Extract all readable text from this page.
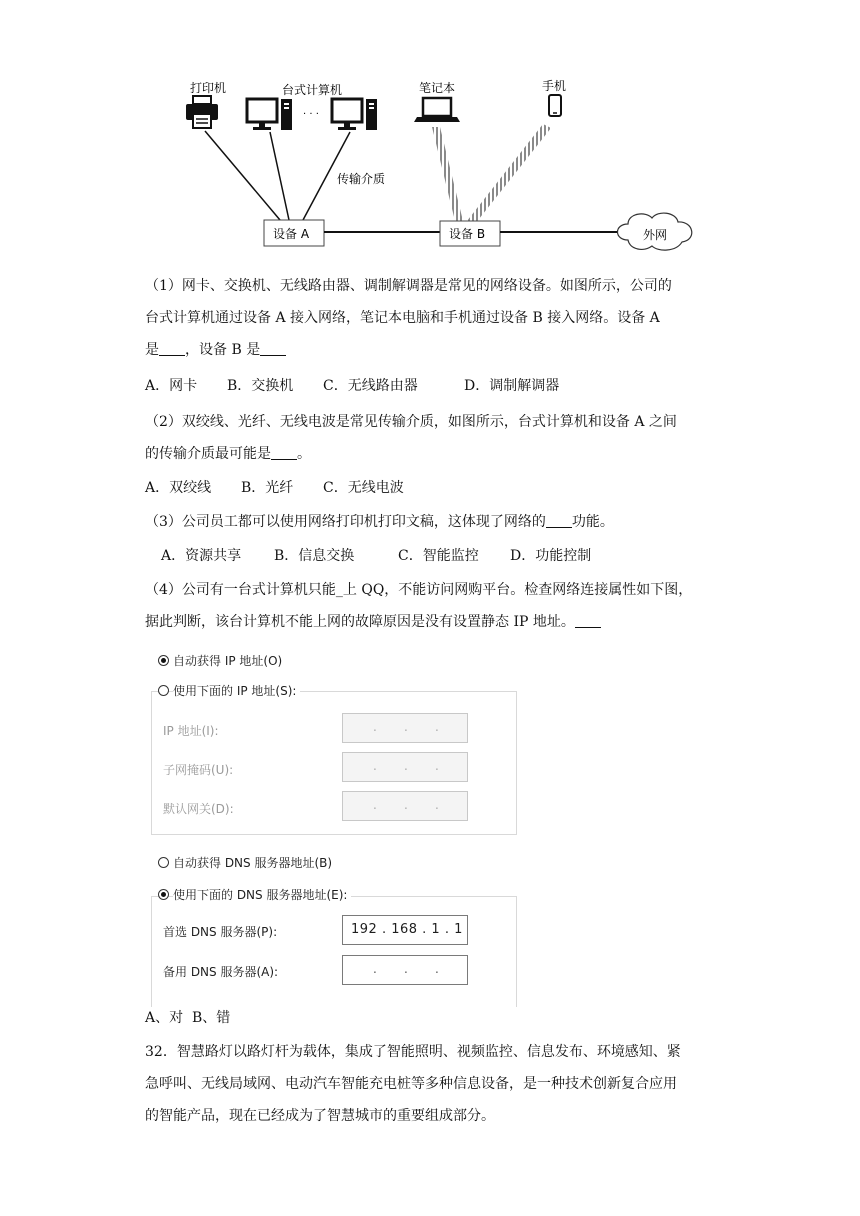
打印机	台式计算机	笔记本	手机
· · ·
传输介质
设备 A	设备 B	外网
（1）网卡、交换机、无线路由器、调制解调器是常见的网络设备。如图所示，公司的
台式计算机通过设备 A 接入网络，笔记本电脑和手机通过设备 B 接入网络。设备 A
是 ，设备 B 是
A．网卡 B．交换机 C．无线路由器	D．调制解调器
（2）双绞线、光纤、无线电波是常见传输介质，如图所示，台式计算机和设备 A 之间
的传输介质最可能是 。
A．双绞线 B．光纤 C．无线电波
（3）公司员工都可以使用网络打印机打印文稿，这体现了网络的 功能。
A．资源共享 B．信息交换	C．智能监控 D．功能控制
（4）公司有一台式计算机只能_上 QQ，不能访问网购平台。检查网络连接属性如下图，
据此判断，该台计算机不能上网的故障原因是没有设置静态 IP 地址。
自动获得 IP 地址(O)
使用下面的 IP 地址(S):
IP 地址(I):	. . .
子网掩码(U):	. . .
默认网关(D):	. . .
自动获得 DNS 服务器地址(B)
使用下面的 DNS 服务器地址(E):
首选 DNS 服务器(P):	192 . 168 . 1 . 1
备用 DNS 服务器(A):	. . .
A、对  B、错
32．智慧路灯以路灯杆为载体，集成了智能照明、视频监控、信息发布、环境感知、紧
急呼叫、无线局域网、电动汽车智能充电桩等多种信息设备，是一种技术创新复合应用
的智能产品，现在已经成为了智慧城市的重要组成部分。
